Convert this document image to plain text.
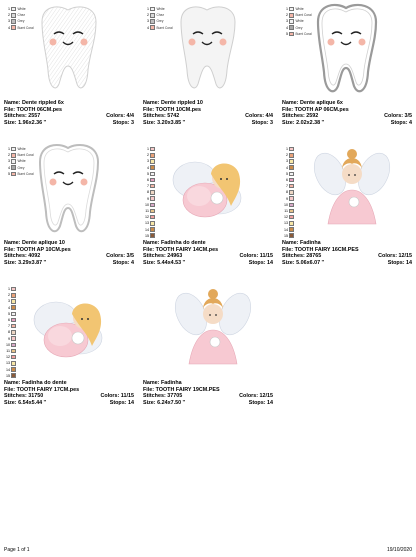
1 White
2 Chez
3 Grey
4 Burnt Coral
Name: Dente rippled 6x
File: TOOTH 06CM.pes
Stitches: 2557	Colors: 4/4
Size: 1.96x2.36 "	Stops: 3
1 White
2 Chez
3 Grey
4 Burnt Coral
Name: Dente rippled 10
File: TOOTH 10CM.pes
Stitches: 5742	Colors: 4/4
Size: 3.20x3.85 "	Stops: 3
1 White
2 Burnt Coral
3 White
4 Grey
5 Burnt Coral
Name: Dente aplique 6x
File: TOOTH AP 06CM.pes
Stitches: 2592	Colors: 3/5
Size: 2.02x2.38 "	Stops: 4
1 White
2 Burnt Coral
3 White
4 Grey
5 Burnt Coral
Name: Dente aplique 10
File: TOOTH AP 10CM.pes
Stitches: 4092	Colors: 3/5
Size: 3.29x3.87 "	Stops: 4
1
2
3
4
5
6
7
8
9
10
11
12
13
14
15
Name: Fadinha do dente
File: TOOTH FAIRY 14CM.pes
Stitches: 24963	Colors: 11/15
Size: 5.44x4.53 "	Stops: 14
1
2
3
4
5
6
7
8
9
10
11
12
13
14
15
Name: Fadinha
File: TOOTH FAIRY 16CM.PES
Stitches: 28765	Colors: 12/15
Size: 5.06x6.07 "	Stops: 14
1
2
3
4
5
6
7
8
9
10
11
12
13
14
15
Name: Fadinha do dente
File: TOOTH FAIRY 17CM.pes
Stitches: 31750	Colors: 11/15
Size: 6.54x5.44 "	Stops: 14
Name: Fadinha
File: TOOTH FAIRY 19CM.PES
Stitches: 37705	Colors: 12/15
Size: 6.24x7.50 "	Stops: 14
Page 1 of 1	19/10/2020
